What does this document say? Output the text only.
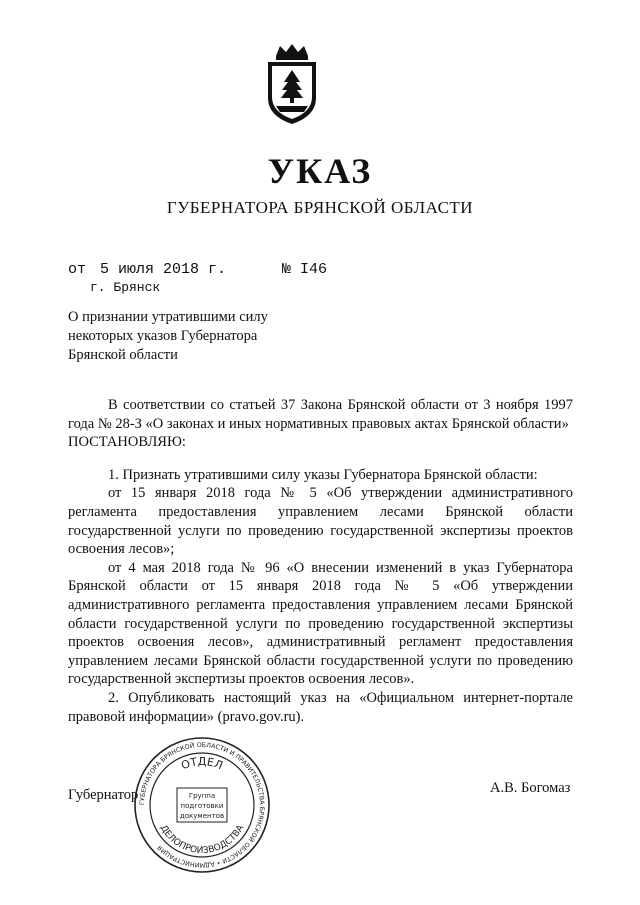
УКАЗ
ГУБЕРНАТОРА БРЯНСКОЙ ОБЛАСТИ
от 5 июля 2018 г.	№ I46
г. Брянск
О признании утратившими силу
некоторых указов Губернатора
Брянской области

В соответствии со статьей 37 Закона Брянской области от 3 ноября 1997 года № 28-З «О законах и иных нормативных правовых актах Брянской области»

ПОСТАНОВЛЯЮ:

1. Признать утратившими силу указы Губернатора Брянской области:

от 15 января 2018 года № 5 «Об утверждении административного регламента предоставления управлением лесами Брянской области государственной услуги по проведению государственной экспертизы проектов освоения лесов»;

от 4 мая 2018 года № 96 «О внесении изменений в указ Губернатора Брянской области от 15 января 2018 года № 5 «Об утверждении административного регламента предоставления управлением лесами Брянской области государственной услуги по проведению государственной экспертизы проектов освоения лесов», административный регламент предоставления управлением лесами Брянской области государственной услуги по проведению государственной экспертизы проектов освоения лесов».

2. Опубликовать настоящий указ на «Официальном интернет-портале правовой информации» (pravo.gov.ru).

Губернатор	А.В. Богомаз
ГУБЕРНАТОРА БРЯНСКОЙ ОБЛАСТИ И ПРАВИТЕЛЬСТВА БРЯНСКОЙ ОБЛАСТИ • АДМИНИСТРАЦИЯ
ОТДЕЛ
ДЕЛОПРОИЗВОДСТВА
Группа
подготовки
документов
